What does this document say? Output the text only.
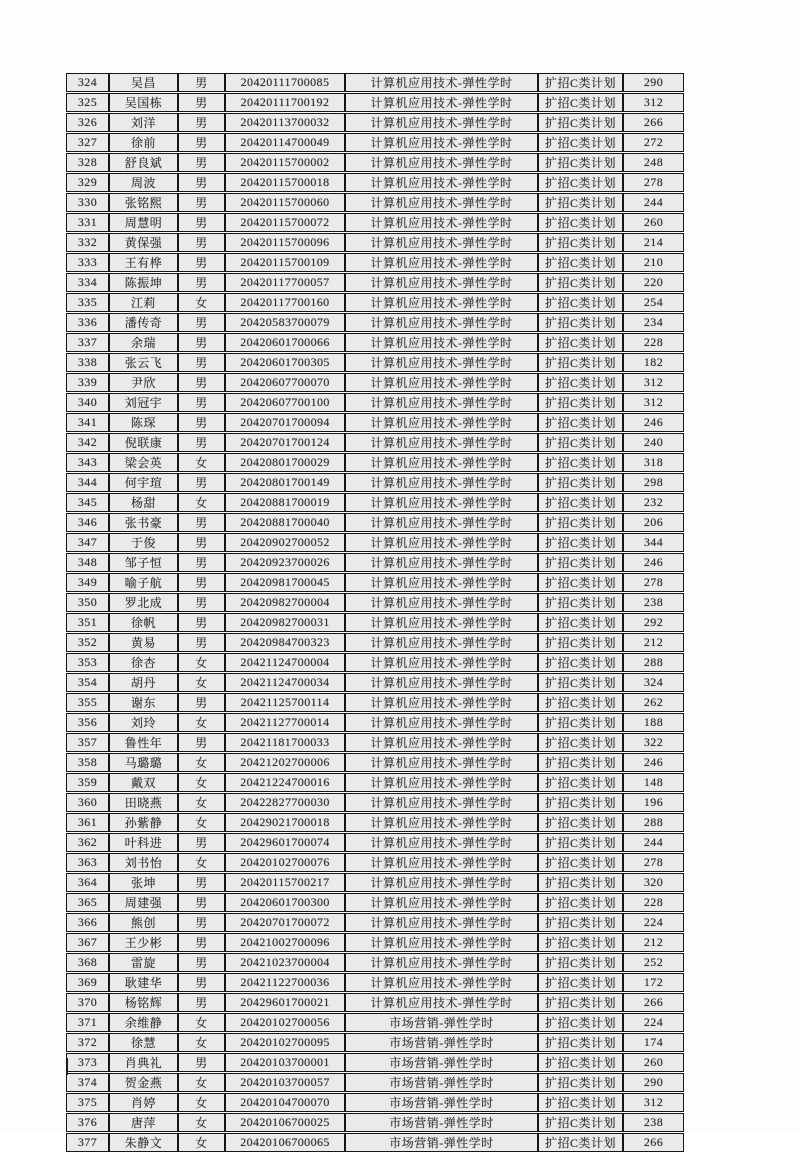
324	吴昌	男	20420111700085	计算机应用技术-弹性学时	扩招C类计划	290
325	吴国栋	男	20420111700192	计算机应用技术-弹性学时	扩招C类计划	312
326	刘洋	男	20420113700032	计算机应用技术-弹性学时	扩招C类计划	266
327	徐前	男	20420114700049	计算机应用技术-弹性学时	扩招C类计划	272
328	舒良斌	男	20420115700002	计算机应用技术-弹性学时	扩招C类计划	248
329	周波	男	20420115700018	计算机应用技术-弹性学时	扩招C类计划	278
330	张铭熙	男	20420115700060	计算机应用技术-弹性学时	扩招C类计划	244
331	周慧明	男	20420115700072	计算机应用技术-弹性学时	扩招C类计划	260
332	黄保强	男	20420115700096	计算机应用技术-弹性学时	扩招C类计划	214
333	王有桦	男	20420115700109	计算机应用技术-弹性学时	扩招C类计划	210
334	陈振坤	男	20420117700057	计算机应用技术-弹性学时	扩招C类计划	220
335	江莉	女	20420117700160	计算机应用技术-弹性学时	扩招C类计划	254
336	潘传奇	男	20420583700079	计算机应用技术-弹性学时	扩招C类计划	234
337	余瑞	男	20420601700066	计算机应用技术-弹性学时	扩招C类计划	228
338	张云飞	男	20420601700305	计算机应用技术-弹性学时	扩招C类计划	182
339	尹欣	男	20420607700070	计算机应用技术-弹性学时	扩招C类计划	312
340	刘冠宇	男	20420607700100	计算机应用技术-弹性学时	扩招C类计划	312
341	陈琛	男	20420701700094	计算机应用技术-弹性学时	扩招C类计划	246
342	倪联康	男	20420701700124	计算机应用技术-弹性学时	扩招C类计划	240
343	梁会英	女	20420801700029	计算机应用技术-弹性学时	扩招C类计划	318
344	何宇瑄	男	20420801700149	计算机应用技术-弹性学时	扩招C类计划	298
345	杨甜	女	20420881700019	计算机应用技术-弹性学时	扩招C类计划	232
346	张书豪	男	20420881700040	计算机应用技术-弹性学时	扩招C类计划	206
347	于俊	男	20420902700052	计算机应用技术-弹性学时	扩招C类计划	344
348	邹子恒	男	20420923700026	计算机应用技术-弹性学时	扩招C类计划	246
349	喻子航	男	20420981700045	计算机应用技术-弹性学时	扩招C类计划	278
350	罗北成	男	20420982700004	计算机应用技术-弹性学时	扩招C类计划	238
351	徐帆	男	20420982700031	计算机应用技术-弹性学时	扩招C类计划	292
352	黄易	男	20420984700323	计算机应用技术-弹性学时	扩招C类计划	212
353	徐杏	女	20421124700004	计算机应用技术-弹性学时	扩招C类计划	288
354	胡丹	女	20421124700034	计算机应用技术-弹性学时	扩招C类计划	324
355	谢东	男	20421125700114	计算机应用技术-弹性学时	扩招C类计划	262
356	刘玲	女	20421127700014	计算机应用技术-弹性学时	扩招C类计划	188
357	鲁性年	男	20421181700033	计算机应用技术-弹性学时	扩招C类计划	322
358	马璐璐	女	20421202700006	计算机应用技术-弹性学时	扩招C类计划	246
359	戴双	女	20421224700016	计算机应用技术-弹性学时	扩招C类计划	148
360	田晓燕	女	20422827700030	计算机应用技术-弹性学时	扩招C类计划	196
361	孙紫静	女	20429021700018	计算机应用技术-弹性学时	扩招C类计划	288
362	叶科进	男	20429601700074	计算机应用技术-弹性学时	扩招C类计划	244
363	刘书怡	女	20420102700076	计算机应用技术-弹性学时	扩招C类计划	278
364	张坤	男	20420115700217	计算机应用技术-弹性学时	扩招C类计划	320
365	周建强	男	20420601700300	计算机应用技术-弹性学时	扩招C类计划	228
366	熊创	男	20420701700072	计算机应用技术-弹性学时	扩招C类计划	224
367	王少彬	男	20421002700096	计算机应用技术-弹性学时	扩招C类计划	212
368	雷旋	男	20421023700004	计算机应用技术-弹性学时	扩招C类计划	252
369	耿建华	男	20421122700036	计算机应用技术-弹性学时	扩招C类计划	172
370	杨铭辉	男	20429601700021	计算机应用技术-弹性学时	扩招C类计划	266
371	余维静	女	20420102700056	市场营销-弹性学时	扩招C类计划	224
372	徐慧	女	20420102700095	市场营销-弹性学时	扩招C类计划	174
373	肖典礼	男	20420103700001	市场营销-弹性学时	扩招C类计划	260
374	贺金燕	女	20420103700057	市场营销-弹性学时	扩招C类计划	290
375	肖婷	女	20420104700070	市场营销-弹性学时	扩招C类计划	312
376	唐萍	女	20420106700025	市场营销-弹性学时	扩招C类计划	238
377	朱静文	女	20420106700065	市场营销-弹性学时	扩招C类计划	266
